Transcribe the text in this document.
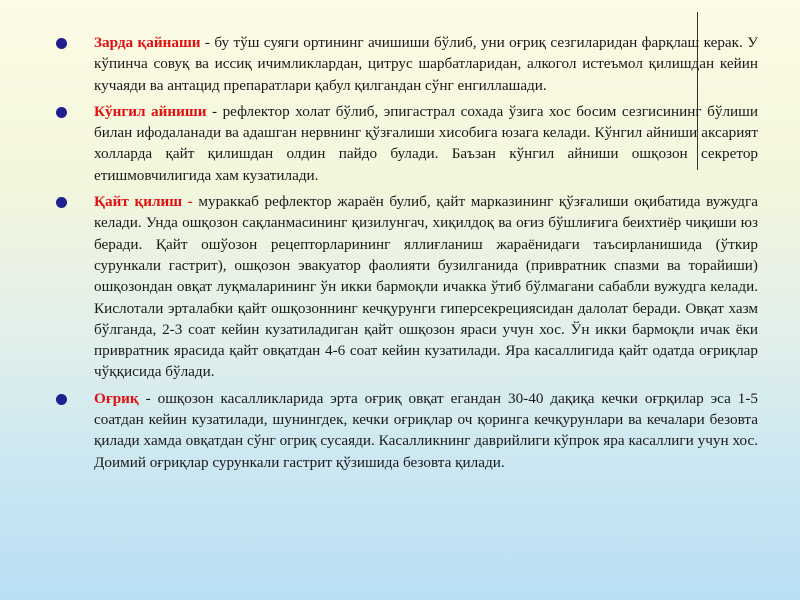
Зарда қайнаши - бу тўш суяги ортининг ачишиши бўлиб, уни оғриқ сезгиларидан фарқлаш керак. У кўпинча совуқ ва иссиқ ичимликлардан, цитрус шарбатларидан, алкогол истеъмол қилишдан кейин кучаяди ва антацид препаратлари қабул қилгандан сўнг енгиллашади.
Кўнгил айниши - рефлектор холат бўлиб, эпигастрал сохада ўзига хос босим сезгисининг бўлиши билан ифодаланади ва адашган нервнинг қўзғалиши хисобига юзага келади. Кўнгил айниши аксарият холларда қайт қилишдан олдин пайдо булади. Баъзан кўнгил айниши ошқозон секретор етишмовчилигида хам кузатилади.
Қайт қилиш - мураккаб рефлектор жараён булиб, қайт марказининг қўзғалиши оқибатида вужудга келади. Унда ошқозон сақланмасининг қизилунгач, хиқилдоқ ва оғиз бўшлиғига беихтиёр чиқиши юз беради. Қайт ошўозон рецепторларининг яллиғланиш жараёнидаги таъсирланишида (ўткир сурункали гастрит), ошқозон эвакуатор фаолияти бузилганида (привратник спазми ва торайиши) ошқозондан овқат луқмаларининг ўн икки бармоқли ичакка ўтиб бўлмагани сабабли вужудга келади. Кислотали эрталабки қайт ошқозоннинг кечқурунги гиперсекрециясидан далолат беради. Овқат хазм бўлганда, 2-3 соат кейин кузатиладиган қайт ошқозон яраси учун хос. Ўн икки бармоқли ичак ёки привратник ярасида қайт овқатдан 4-6 соат кейин кузатилади. Яра касаллигида қайт одатда оғриқлар чўққисида бўлади.
Оғриқ - ошқозон касалликларида эрта оғриқ овқат егандан 30-40 дақиқа кечки оғрқилар эса 1-5 соатдан кейин кузатилади, шунингдек, кечки оғриқлар оч қоринга кечқурунлари ва кечалари безовта қилади хамда овқатдан сўнг огриқ сусаяди. Касалликнинг даврийлиги кўпрок яра касаллиги учун хос. Доимий оғриқлар сурункали гастрит қўзишида безовта қилади.
